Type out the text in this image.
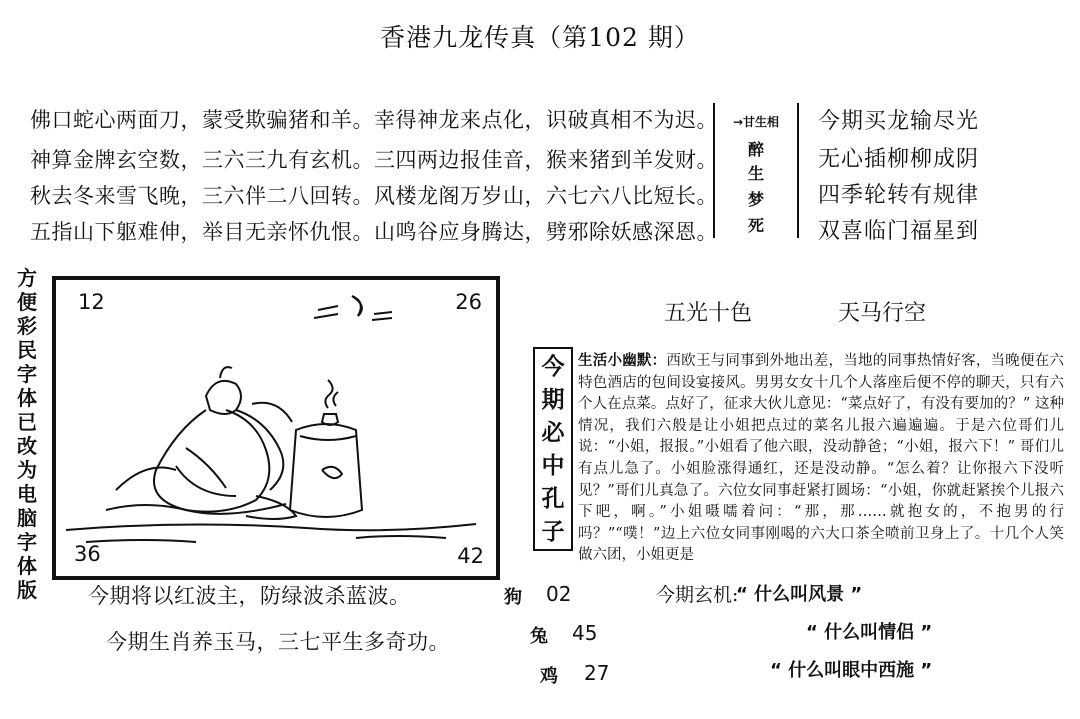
香港九龙传真（第102 期）
佛口蛇心两面刀，蒙受欺骗猪和羊。幸得神龙来点化，识破真相不为迟。
神算金牌玄空数，三六三九有玄机。三四两边报佳音，猴来猪到羊发财。
秋去冬来雪飞晚，三六伴二八回转。风楼龙阁万岁山，六七六八比短长。
五指山下躯难伸，举目无亲怀仇恨。山鸣谷应身腾达，劈邪除妖感深恩。
→甘生相
醉
生
梦
死
今期买龙输尽光
无心插柳柳成阴
四季轮转有规律
双喜临门福星到
方便彩民字体已改为电脑字体版
12	26
36	42
五光十色	天马行空
今期必中孔子
生活小幽默：西欧王与同事到外地出差，当地的同事热情好客，当晚便在六特色酒店的包间设宴接风。男男女女十几个人落座后便不停的聊天，只有六个人在点菜。点好了，征求大伙儿意见：“菜点好了，有没有要加的？” 这种情况，我们六般是让小姐把点过的菜名儿报六遍遍遍。于是六位哥们儿说：“小姐，报报。”小姐看了他六眼，没动静爸；“小姐，报六下！” 哥们儿有点儿急了。小姐脸涨得通红，还是没动静。“怎么着？让你报六下没听见？”哥们儿真急了。六位女同事赶紧打圆场：“小姐，你就赶紧挨个儿报六下吧，啊。”小姐嗫嚅着问：“那，那……就抱女的，不抱男的行吗？”“噗！”边上六位女同事刚喝的六大口茶全喷前卫身上了。十几个人笑做六团，小姐更是
今期将以红波主，防绿波杀蓝波。
今期生肖养玉马，三七平生多奇功。
狗 02
兔 45
鸡 27
今期玄机:
“ 什么叫风景 ”
“ 什么叫情侣 ”
“ 什么叫眼中西施 ”
